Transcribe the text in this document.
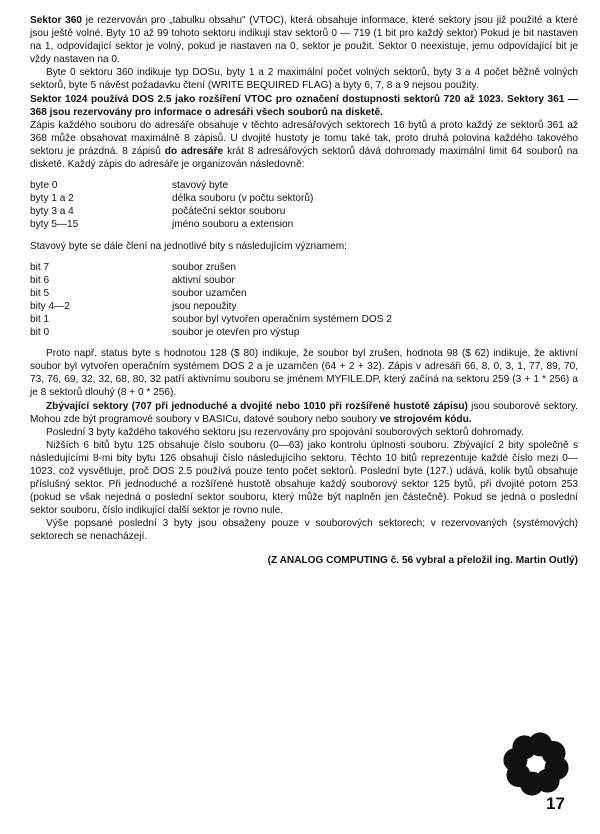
Sektor 360 je rezervován pro „tabulku obsahu" (VTOC), která obsahuje informace, které sektory jsou již použité a které jsou ještě volné. Byty 10 až 99 tohoto sektoru indikují stav sektorů 0 — 719 (1 bit pro každý sektor) Pokud je bit nastaven na 1, odpovídající sektor je volný, pokud je nastaven na 0, sektor je použit. Sektor 0 neexistuje, jemu odpovídající bit je vždy nastaven na 0.

Byte 0 sektoru 360 indikuje typ DOSu, byty 1 a 2 maximální počet volných sektorů, byty 3 a 4 počet běžně volných sektorů, byte 5 návěst požadavku čtení (WRITE BEQUIRED FLAG) a byty 6, 7, 8 a 9 nejsou použity.

Sektor 1024 používá DOS 2.5 jako rozšíření VTOC pro označení dostupnosti sektorů 720 až 1023. Sektory 361 — 368 jsou rezervovány pro informace o adresáři všech souborů na disketě.

Zápis každého souboru do adresáře obsahuje v těchto adresářových sektorech 16 bytů a proto každý ze sektorů 361 až 368 může obsahovat maximálně 8 zápisů. U dvojité hustoty je tomu také tak, proto druhá polovina každého takového sektoru je prázdná. 8 zápisů do adresáře krát 8 adresářových sektorů dává dohromady maximální limit 64 souborů na disketě. Každý zápis do adresáře je organizován následovně:

byte 0	stavový byte
byty 1 a 2	délka souboru (v počtu sektorů)
byty 3 a 4	počáteční sektor souboru
byty 5—15	jméno souboru a extension

Stavový byte se dále člení na jednotlivé bity s následujícím významem:

bit 7	soubor zrušen
bit 6	aktivní soubor
bit 5	soubor uzamčen
bity 4—2	jsou nepoužity
bit 1	soubor byl vytvořen operačním systémem DOS 2
bit 0	soubor je otevřen pro výstup

Proto např. status byte s hodnotou 128 ($ 80) indikuje, že soubor byl zrušen, hodnota 98 ($ 62) indikuje, že aktivní soubor byl vytvořen operačním systémem DOS 2 a je uzamčen (64 + 2 + 32). Zápis v adresáři 66, 8, 0, 3, 1, 77, 89, 70, 73, 76, 69, 32, 32, 68, 80, 32 patří aktivnímu souboru se jménem MYFILE.DP, který začíná na sektoru 259 (3 + 1 * 256) a je 8 sektorů dlouhý (8 + 0 * 256).

Zbývající sektory (707 při jednoduché a dvojité nebo 1010 při rozšířené hustotě zápisu) jsou souborové sektory. Mohou zde být programové soubory v BASICu, datové soubory nebo soubory ve strojovém kódu.

Poslední 3 byty každého takového sektoru jsu rezervovány pro spojování souborových sektorů dohromady.

Nižších 6 bitů bytu 125 obsahuje číslo souboru (0—63) jako kontrolu úplnosti souboru. Zbývající 2 bity společně s následujícími 8-mi bity bytu 126 obsahují číslo následujícího sektoru. Těchto 10 bitů reprezentuje každé číslo mezi 0—1023, což vysvětluje, proč DOS 2.5 používá pouze tento počet sektorů. Poslední byte (127.) udává, kolik bytů obsahuje příslušný sektor. Při jednoduché a rozšířené hustotě obsahuje každý souborový sektor 125 bytů, při dvojité potom 253 (pokud se však nejedná o poslední sektor souboru, který může být naplněn jen částečně). Pokud se jedná o poslední sektor souboru, číslo indikující další sektor je rovno nule.

Výše popsané poslední 3 byty jsou obsaženy pouze v souborových sektorech; v rezervovaných (systémových) sektorech se nenacházejí.

(Z ANALOG COMPUTING č. 56 vybral a přeložil ing. Martin Outlý)

17
